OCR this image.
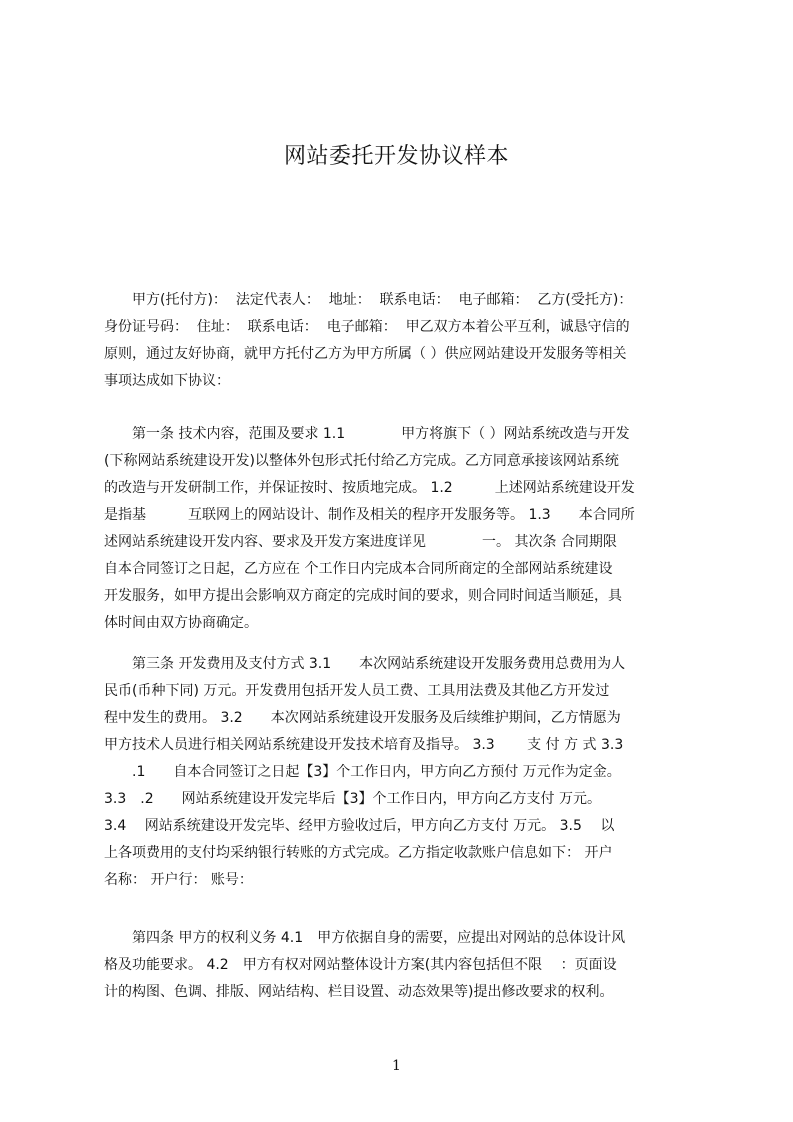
网站委托开发协议样本
　　甲方(托付方)：  法定代表人：  地址：  联系电话：  电子邮箱：  乙方(受托方)：
身份证号码：  住址：  联系电话：  电子邮箱：  甲乙双方本着公平互利，诚恳守信的
原则，通过友好协商，就甲方托付乙方为甲方所属（ ）供应网站建设开发服务等相关
事项达成如下协议：
　　第一条 技术内容，范围及要求 1.1　　　　甲方将旗下（ ）网站系统改造与开发
(下称网站系统建设开发)以整体外包形式托付给乙方完成。乙方同意承接该网站系统
的改造与开发研制工作，并保证按时、按质地完成。 1.2　　　上述网站系统建设开发
是指基　　　互联网上的网站设计、制作及相关的程序开发服务等。 1.3　　本合同所
述网站系统建设开发内容、要求及开发方案进度详见　　　　一。 其次条 合同期限
自本合同签订之日起，乙方应在 个工作日内完成本合同所商定的全部网站系统建设
开发服务，如甲方提出会影响双方商定的完成时间的要求，则合同时间适当顺延，具
体时间由双方协商确定。
　　第三条 开发费用及支付方式 3.1　　本次网站系统建设开发服务费用总费用为人
民币(币种下同) 万元。开发费用包括开发人员工费、工具用法费及其他乙方开发过
程中发生的费用。 3.2　　本次网站系统建设开发服务及后续维护期间，乙方情愿为
甲方技术人员进行相关网站系统建设开发技术培育及指导。 3.3　　 支 付 方 式 3.3
　　.1　　自本合同签订之日起【3】个工作日内，甲方向乙方预付 万元作为定金。
3.3　.2　　网站系统建设开发完毕后【3】个工作日内，甲方向乙方支付 万元。
3.4　 网站系统建设开发完毕、经甲方验收过后，甲方向乙方支付 万元。 3.5　 以
上各项费用的支付均采纳银行转账的方式完成。乙方指定收款账户信息如下： 开户
名称： 开户行： 账号：
　　第四条 甲方的权利义务 4.1　甲方依据自身的需要，应提出对网站的总体设计风
格及功能要求。 4.2　甲方有权对网站整体设计方案(其内容包括但不限　 ：页面设
计的构图、色调、排版、网站结构、栏目设置、动态效果等)提出修改要求的权利。
1
